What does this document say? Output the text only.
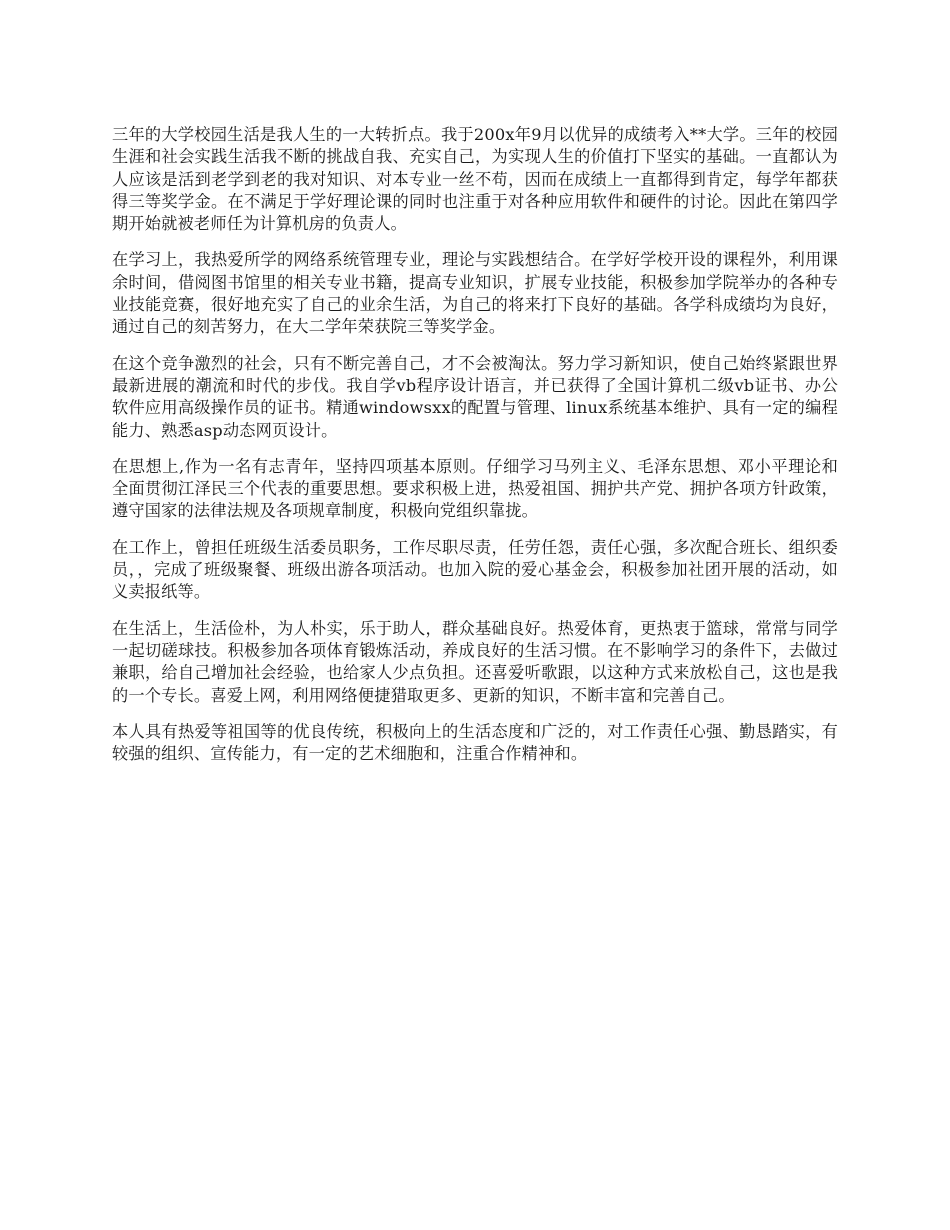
三年的大学校园生活是我人生的一大转折点。我于200x年9月以优异的成绩考入**大学。三年的校园生涯和社会实践生活我不断的挑战自我、充实自己，为实现人生的价值打下坚实的基础。一直都认为人应该是活到老学到老的我对知识、对本专业一丝不苟，因而在成绩上一直都得到肯定，每学年都获得三等奖学金。在不满足于学好理论课的同时也注重于对各种应用软件和硬件的讨论。因此在第四学期开始就被老师任为计算机房的负责人。

在学习上，我热爱所学的网络系统管理专业，理论与实践想结合。在学好学校开设的课程外，利用课余时间，借阅图书馆里的相关专业书籍，提高专业知识，扩展专业技能，积极参加学院举办的各种专业技能竞赛，很好地充实了自己的业余生活，为自己的将来打下良好的基础。各学科成绩均为良好，通过自己的刻苦努力，在大二学年荣获院三等奖学金。

在这个竞争激烈的社会，只有不断完善自己，才不会被淘汰。努力学习新知识，使自己始终紧跟世界最新进展的潮流和时代的步伐。我自学vb程序设计语言，并已获得了全国计算机二级vb证书、办公软件应用高级操作员的证书。精通windowsxx的配置与管理、linux系统基本维护、具有一定的编程能力、熟悉asp动态网页设计。

在思想上,作为一名有志青年，坚持四项基本原则。仔细学习马列主义、毛泽东思想、邓小平理论和全面贯彻江泽民三个代表的重要思想。要求积极上进，热爱祖国、拥护共产党、拥护各项方针政策，遵守国家的法律法规及各项规章制度，积极向党组织靠拢。

在工作上，曾担任班级生活委员职务，工作尽职尽责，任劳任怨，责任心强，多次配合班长、组织委员，，完成了班级聚餐、班级出游各项活动。也加入院的爱心基金会，积极参加社团开展的活动，如义卖报纸等。

在生活上，生活俭朴，为人朴实，乐于助人，群众基础良好。热爱体育，更热衷于篮球，常常与同学一起切磋球技。积极参加各项体育锻炼活动，养成良好的生活习惯。在不影响学习的条件下，去做过兼职，给自己增加社会经验，也给家人少点负担。还喜爱听歌跟，以这种方式来放松自己，这也是我的一个专长。喜爱上网，利用网络便捷猎取更多、更新的知识，不断丰富和完善自己。

本人具有热爱等祖国等的优良传统，积极向上的生活态度和广泛的，对工作责任心强、勤恳踏实，有较强的组织、宣传能力，有一定的艺术细胞和，注重合作精神和。
